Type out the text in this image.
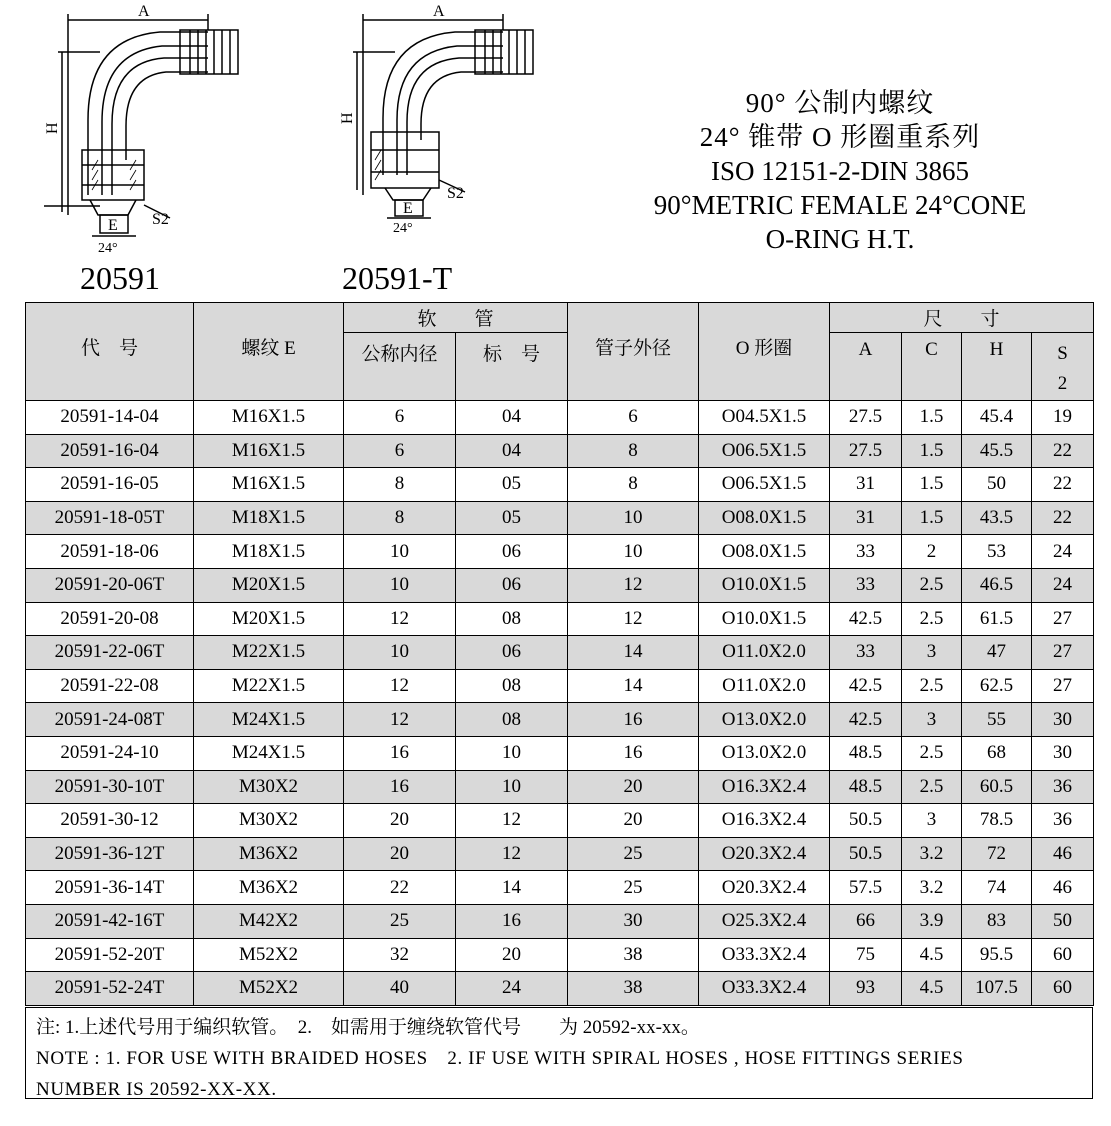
A
H
E S2
24°
A
H
E
S2
24°
20591	20591-T
90° 公制内螺纹
24° 锥带 O 形圈重系列
ISO 12151-2-DIN 3865
90°METRIC FEMALE 24°CONE
O-RING H.T.
代　号	螺纹 E	软　　管		管子外径	O 形圈	尺　　寸			
		公称内径	标　号			A	C	H	S
2

20591-14-04	M16X1.5	6	04	6	O04.5X1.5	27.5	1.5	45.4	19
20591-16-04	M16X1.5	6	04	8	O06.5X1.5	27.5	1.5	45.5	22
20591-16-05	M16X1.5	8	05	8	O06.5X1.5	31	1.5	50	22
20591-18-05T	M18X1.5	8	05	10	O08.0X1.5	31	1.5	43.5	22
20591-18-06	M18X1.5	10	06	10	O08.0X1.5	33	2	53	24
20591-20-06T	M20X1.5	10	06	12	O10.0X1.5	33	2.5	46.5	24
20591-20-08	M20X1.5	12	08	12	O10.0X1.5	42.5	2.5	61.5	27
20591-22-06T	M22X1.5	10	06	14	O11.0X2.0	33	3	47	27
20591-22-08	M22X1.5	12	08	14	O11.0X2.0	42.5	2.5	62.5	27
20591-24-08T	M24X1.5	12	08	16	O13.0X2.0	42.5	3	55	30
20591-24-10	M24X1.5	16	10	16	O13.0X2.0	48.5	2.5	68	30
20591-30-10T	M30X2	16	10	20	O16.3X2.4	48.5	2.5	60.5	36
20591-30-12	M30X2	20	12	20	O16.3X2.4	50.5	3	78.5	36
20591-36-12T	M36X2	20	12	25	O20.3X2.4	50.5	3.2	72	46
20591-36-14T	M36X2	22	14	25	O20.3X2.4	57.5	3.2	74	46
20591-42-16T	M42X2	25	16	30	O25.3X2.4	66	3.9	83	50
20591-52-20T	M52X2	32	20	38	O33.3X2.4	75	4.5	95.5	60
20591-52-24T	M52X2	40	24	38	O33.3X2.4	93	4.5	107.5	60
注: 1.上述代号用于编织软管。　2.　如需用于缠绕软管代号　　为 20592-xx-xx。
NOTE : 1. FOR USE WITH BRAIDED HOSES　2. IF USE WITH SPIRAL HOSES , HOSE FITTINGS SERIES
NUMBER IS 20592-XX-XX.
